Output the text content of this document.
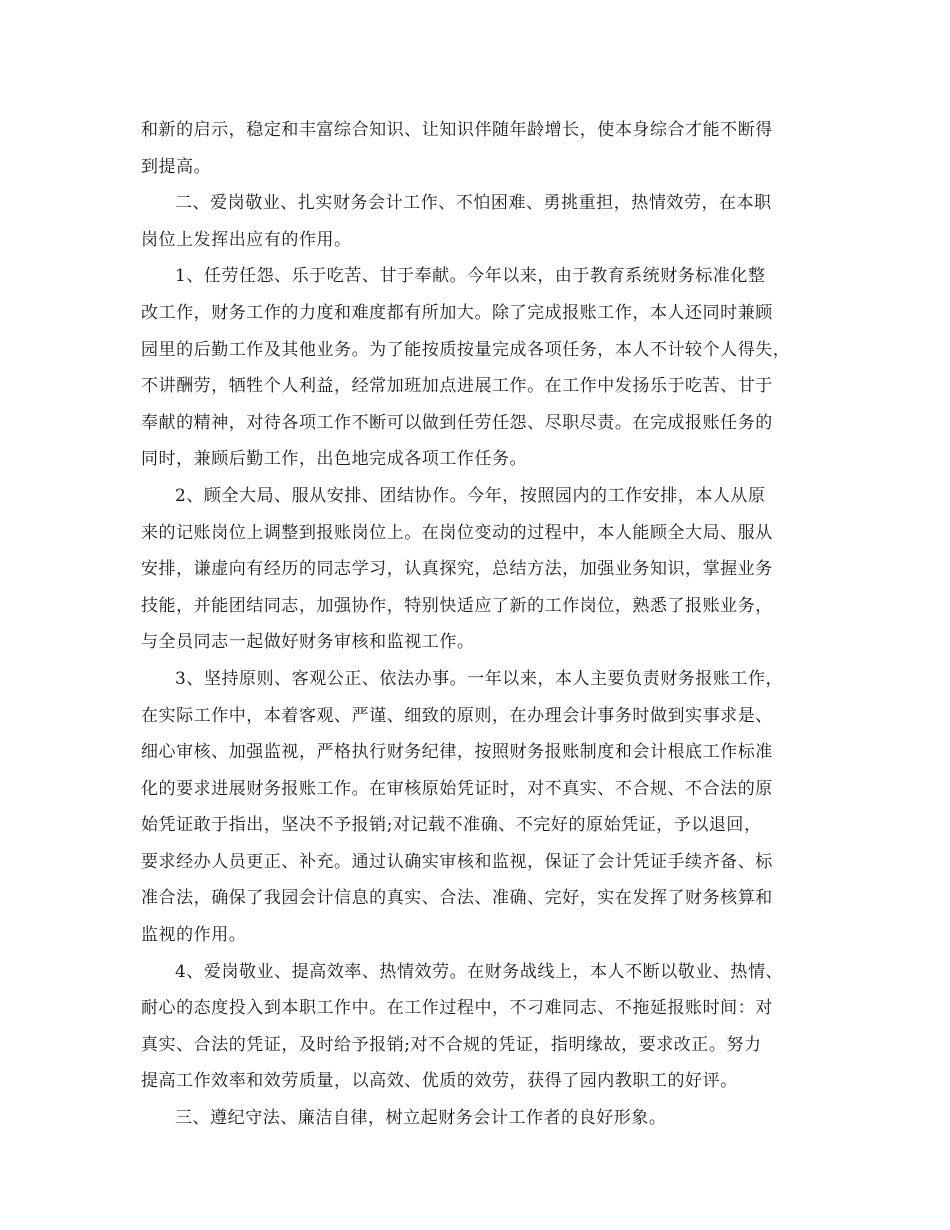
和新的启示，稳定和丰富综合知识、让知识伴随年龄增长，使本身综合才能不断得
到提高。
二、爱岗敬业、扎实财务会计工作、不怕困难、勇挑重担，热情效劳，在本职
岗位上发挥出应有的作用。
1、任劳任怨、乐于吃苦、甘于奉献。今年以来，由于教育系统财务标准化整
改工作，财务工作的力度和难度都有所加大。除了完成报账工作，本人还同时兼顾
园里的后勤工作及其他业务。为了能按质按量完成各项任务，本人不计较个人得失，
不讲酬劳，牺牲个人利益，经常加班加点进展工作。在工作中发扬乐于吃苦、甘于
奉献的精神，对待各项工作不断可以做到任劳任怨、尽职尽责。在完成报账任务的
同时，兼顾后勤工作，出色地完成各项工作任务。
2、顾全大局、服从安排、团结协作。今年，按照园内的工作安排，本人从原
来的记账岗位上调整到报账岗位上。在岗位变动的过程中，本人能顾全大局、服从
安排，谦虚向有经历的同志学习，认真探究，总结方法，加强业务知识，掌握业务
技能，并能团结同志，加强协作，特别快适应了新的工作岗位，熟悉了报账业务，
与全员同志一起做好财务审核和监视工作。
3、坚持原则、客观公正、依法办事。一年以来，本人主要负责财务报账工作，
在实际工作中，本着客观、严谨、细致的原则，在办理会计事务时做到实事求是、
细心审核、加强监视，严格执行财务纪律，按照财务报账制度和会计根底工作标准
化的要求进展财务报账工作。在审核原始凭证时，对不真实、不合规、不合法的原
始凭证敢于指出，坚决不予报销;对记载不准确、不完好的原始凭证，予以退回，
要求经办人员更正、补充。通过认确实审核和监视，保证了会计凭证手续齐备、标
准合法，确保了我园会计信息的真实、合法、准确、完好，实在发挥了财务核算和
监视的作用。
4、爱岗敬业、提高效率、热情效劳。在财务战线上，本人不断以敬业、热情、
耐心的态度投入到本职工作中。在工作过程中，不刁难同志、不拖延报账时间：对
真实、合法的凭证，及时给予报销;对不合规的凭证，指明缘故，要求改正。努力
提高工作效率和效劳质量，以高效、优质的效劳，获得了园内教职工的好评。
三、遵纪守法、廉洁自律，树立起财务会计工作者的良好形象。
